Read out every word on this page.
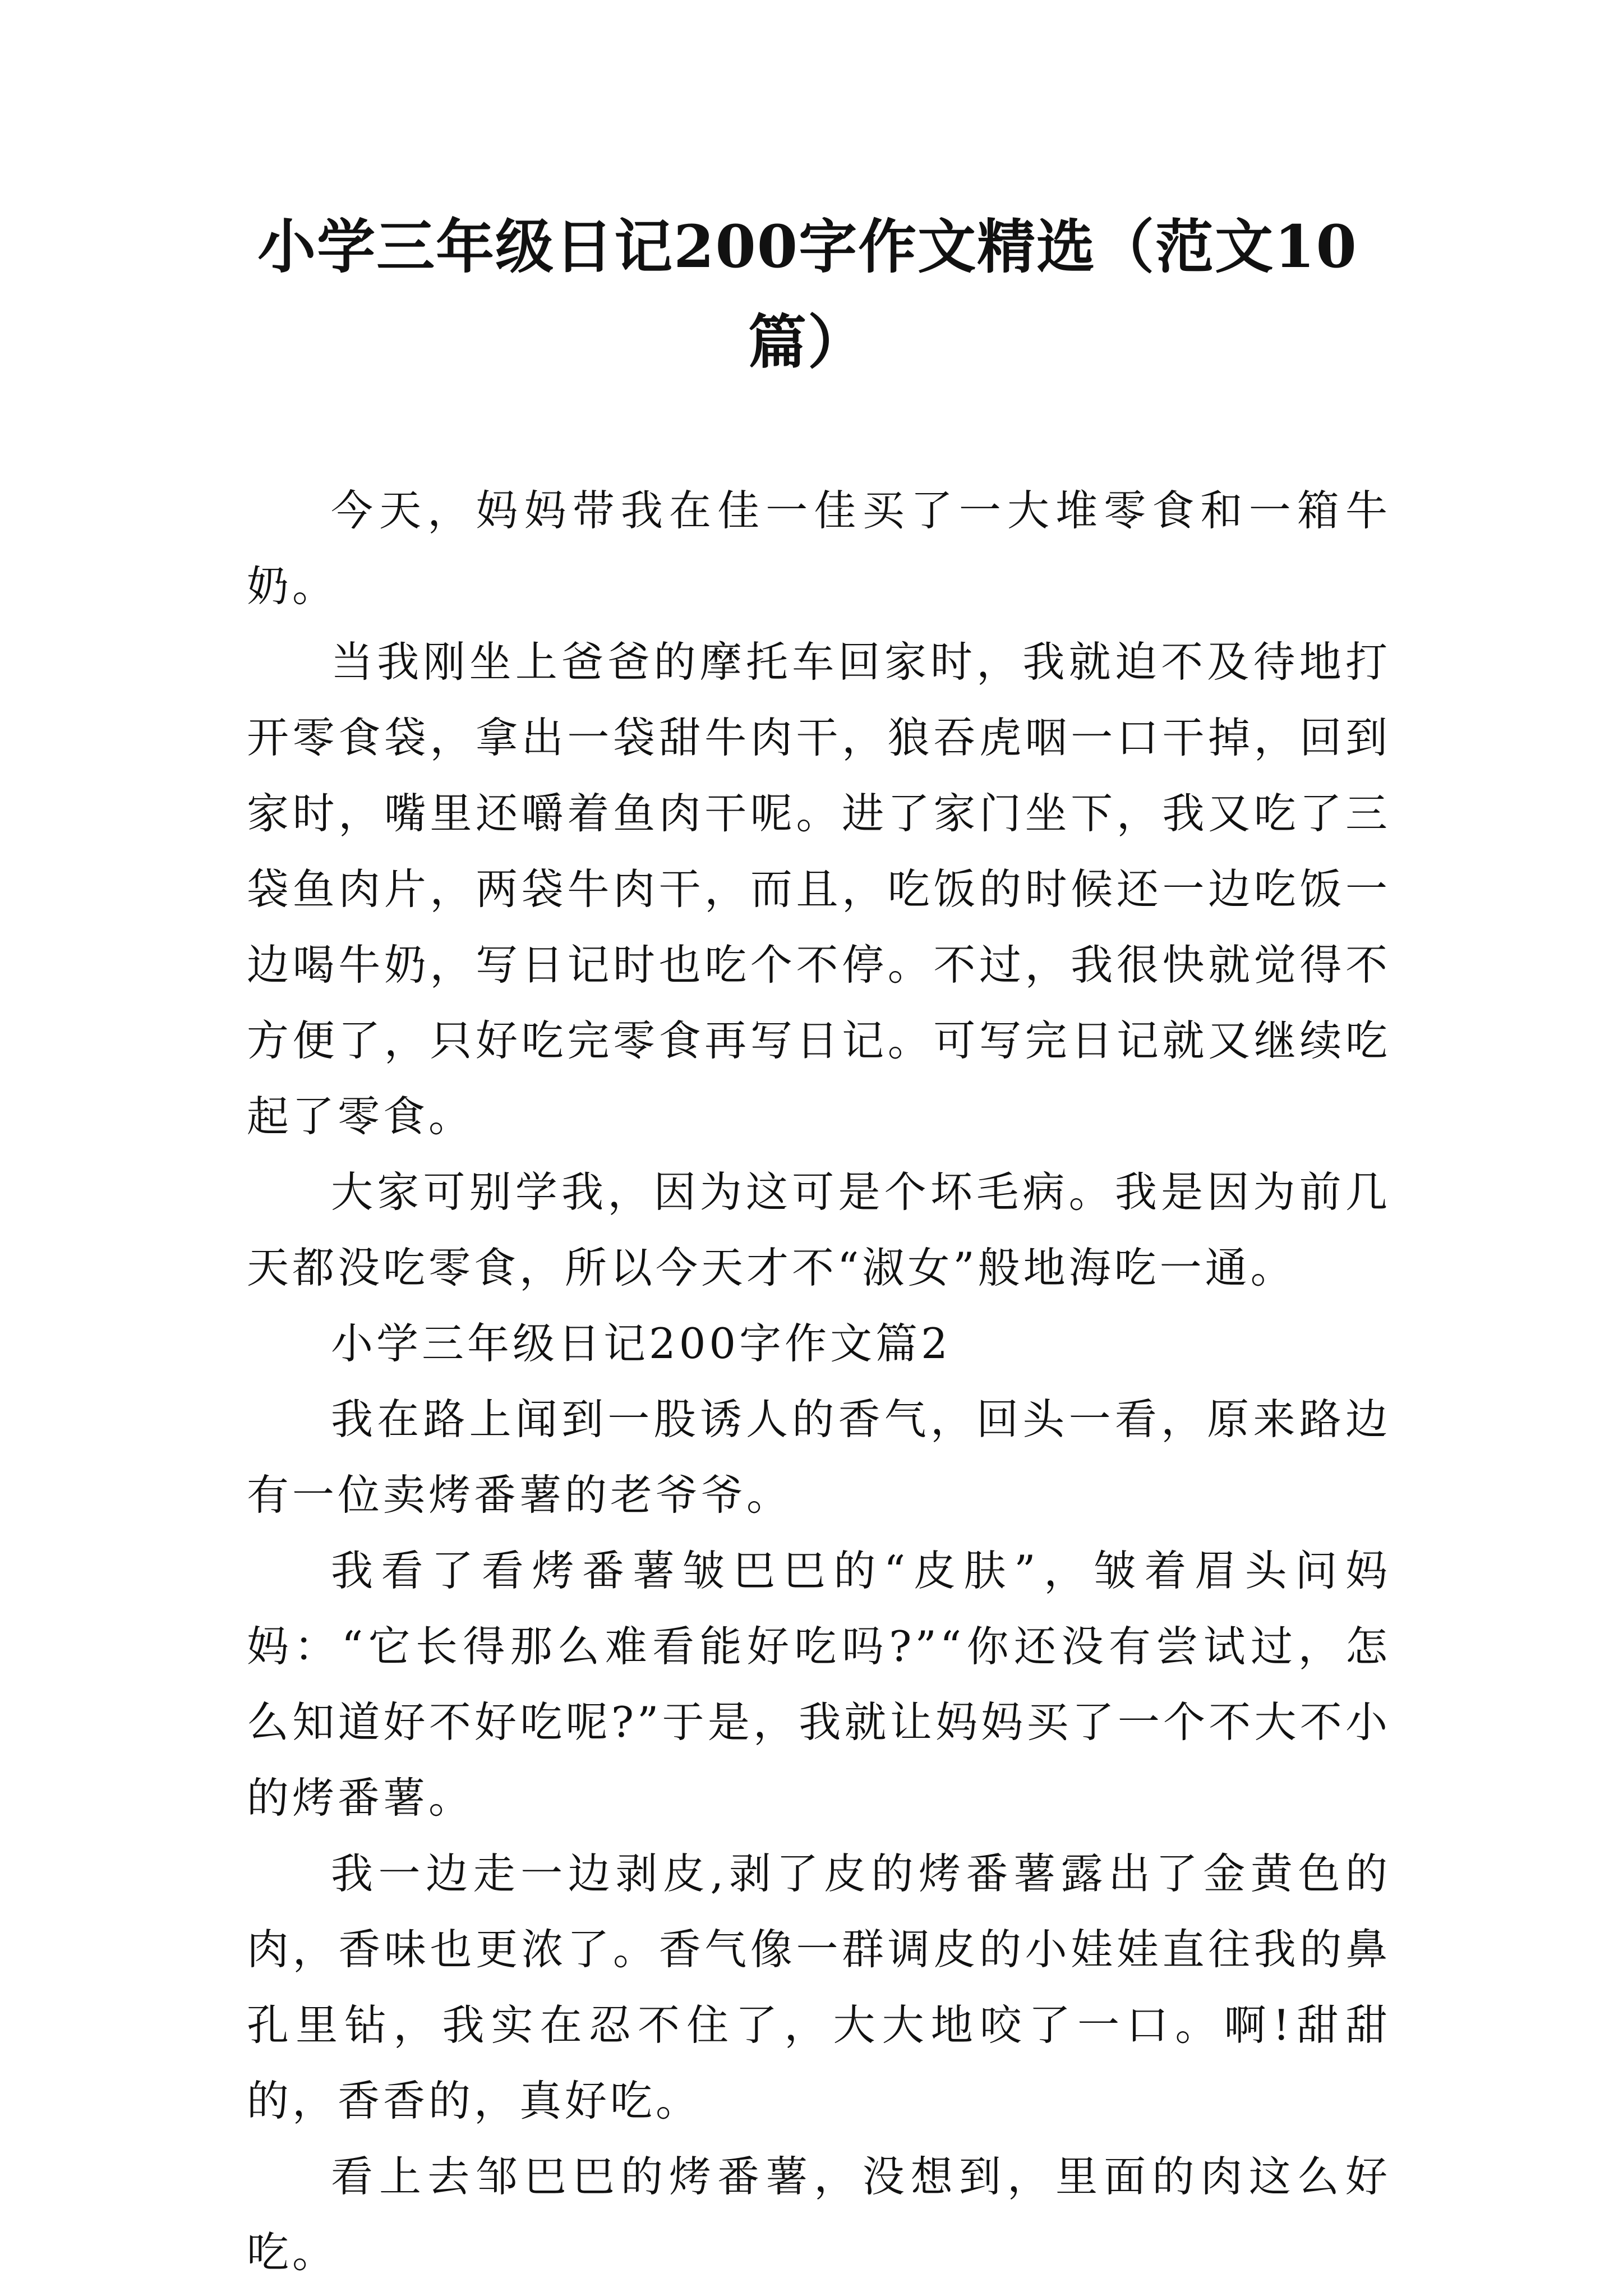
小学三年级日记200字作文精选（范文10篇）

今天，妈妈带我在佳一佳买了一大堆零食和一箱牛奶。

当我刚坐上爸爸的摩托车回家时，我就迫不及待地打开零食袋，拿出一袋甜牛肉干，狼吞虎咽一口干掉，回到家时，嘴里还嚼着鱼肉干呢。进了家门坐下，我又吃了三袋鱼肉片，两袋牛肉干，而且，吃饭的时候还一边吃饭一边喝牛奶，写日记时也吃个不停。不过，我很快就觉得不方便了，只好吃完零食再写日记。可写完日记就又继续吃起了零食。

大家可别学我，因为这可是个坏毛病。我是因为前几天都没吃零食，所以今天才不“淑女”般地海吃一通。

小学三年级日记200字作文篇2

我在路上闻到一股诱人的香气，回头一看，原来路边有一位卖烤番薯的老爷爷。

我看了看烤番薯皱巴巴的“皮肤”，皱着眉头问妈妈：“它长得那么难看能好吃吗?”“你还没有尝试过，怎么知道好不好吃呢?”于是，我就让妈妈买了一个不大不小的烤番薯。

我一边走一边剥皮,剥了皮的烤番薯露出了金黄色的肉，香味也更浓了。香气像一群调皮的小娃娃直往我的鼻孔里钻，我实在忍不住了，大大地咬了一口。啊!甜甜的，香香的，真好吃。

看上去邹巴巴的烤番薯，没想到，里面的肉这么好吃。
